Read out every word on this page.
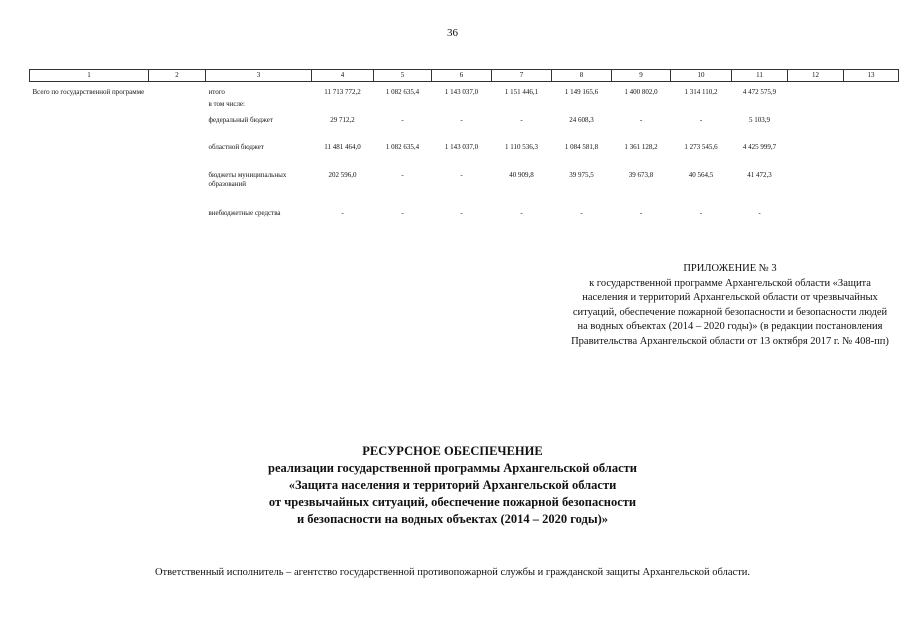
36
1	2	3	4	5	6	7	8	9	10	11	12	13
Всего по государственной программе		итого	11 713 772,2	1 082 635,4	1 143 037,0	1 151 446,1	1 149 165,6	1 400 802,0	1 314 110,2	4 472 575,9		
		в том числе:										
		федеральный бюджет	29 712,2	-	-	-	24 608,3	-	-	5 103,9		
		областной бюджет	11 481 464,0	1 082 635,4	1 143 037,0	1 110 536,3	1 084 581,8	1 361 128,2	1 273 545,6	4 425 999,7		
		бюджеты муниципальных образований	202 596,0	-	-	40 909,8	39 975,5	39 673,8	40 564,5	41 472,3		
		внебюджетные средства	-	-	-	-	-	-	-	-		
ПРИЛОЖЕНИЕ № 3
к государственной программе Архангельской области «Защита населения и территорий Архангельской области от чрезвычайных ситуаций, обеспечение пожарной безопасности и безопасности людей на водных объектах (2014 – 2020 годы)» (в редакции постановления Правительства Архангельской области от 13 октября 2017 г. № 408-пп)
РЕСУРСНОЕ ОБЕСПЕЧЕНИЕ
реализации государственной программы Архангельской области
«Защита населения и территорий Архангельской области
от чрезвычайных ситуаций, обеспечение пожарной безопасности
и безопасности на водных объектах (2014 – 2020 годы)»
Ответственный исполнитель – агентство государственной противопожарной службы и гражданской защиты Архангельской области.
